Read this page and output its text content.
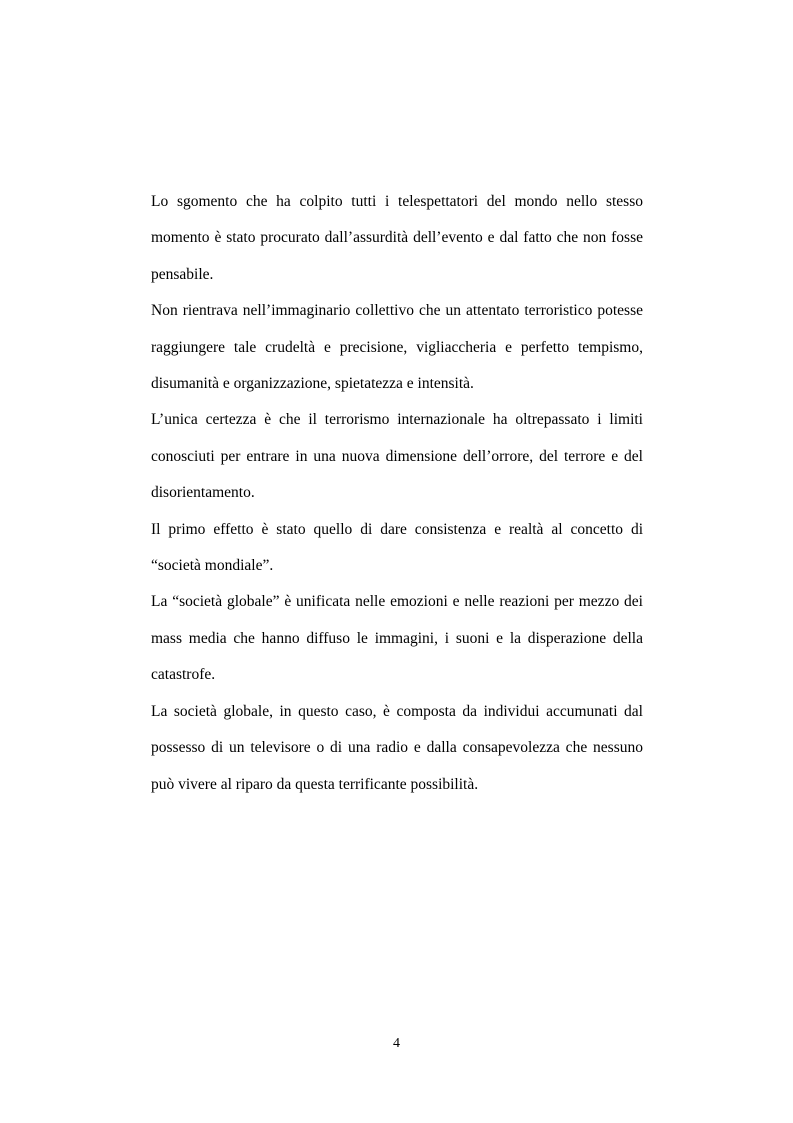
Lo sgomento che ha colpito tutti i telespettatori del mondo nello stesso momento è stato procurato dall’assurdità dell’evento e dal fatto che non fosse pensabile.

Non rientrava nell’immaginario collettivo che un attentato terroristico potesse raggiungere tale crudeltà e precisione, vigliaccheria e perfetto tempismo, disumanità e organizzazione, spietatezza e intensità.

L’unica certezza è che il terrorismo internazionale ha oltrepassato i limiti conosciuti per entrare in una nuova dimensione dell’orrore, del terrore e del disorientamento.

Il primo effetto è stato quello di dare consistenza e realtà al concetto di “società mondiale”.

La “società globale” è unificata nelle emozioni e nelle reazioni per mezzo dei mass media che hanno diffuso le immagini, i suoni e la disperazione della catastrofe.

La società globale, in questo caso, è composta da individui accumunati dal possesso di un televisore o di una radio e dalla consapevolezza che nessuno può vivere al riparo da questa terrificante possibilità.

4
